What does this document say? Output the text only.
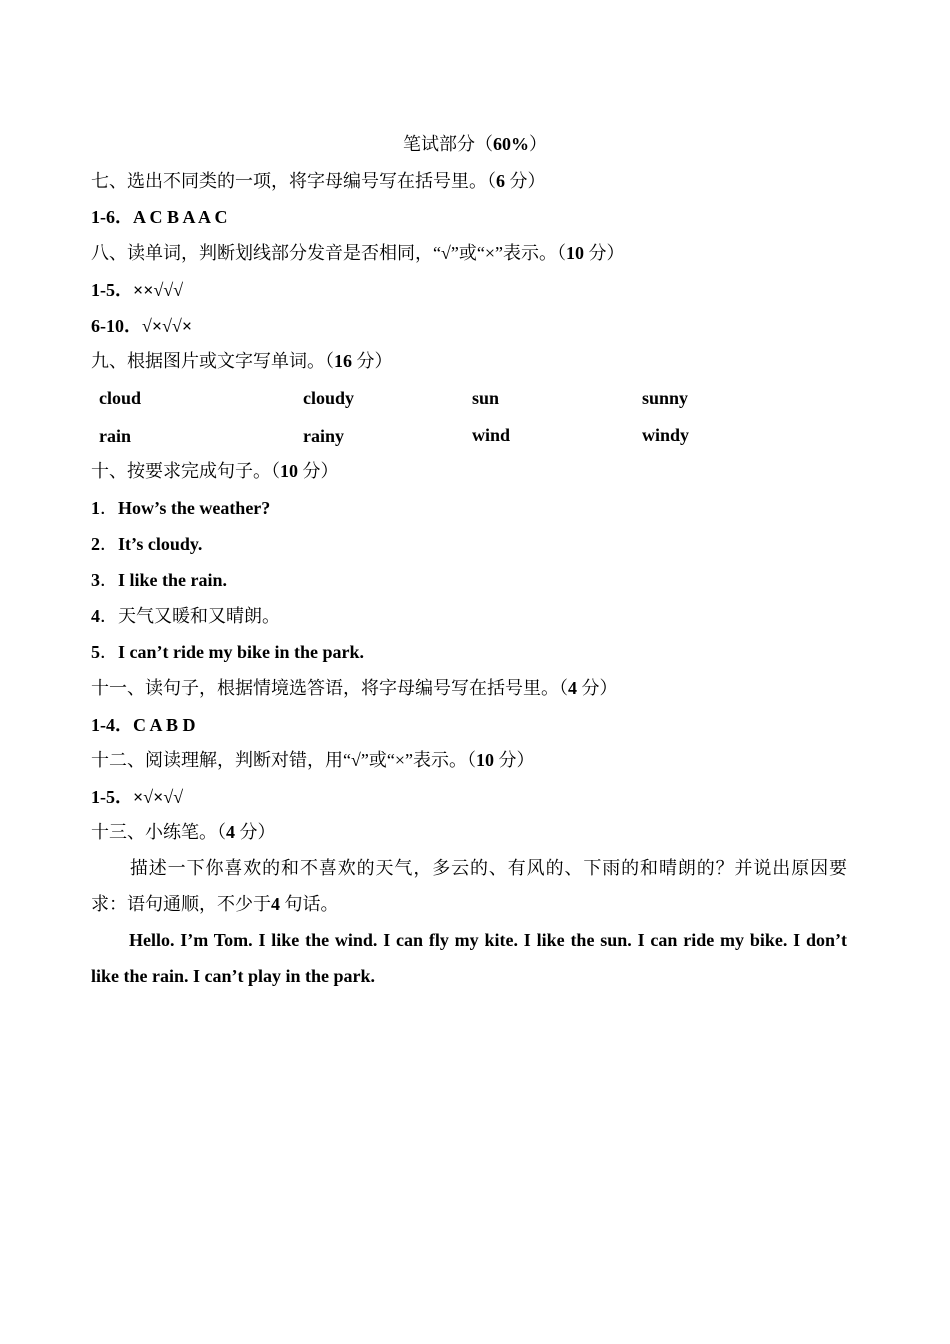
笔试部分（60%）
七、选出不同类的一项，将字母编号写在括号里。（6 分）
1-6．A C B A A C
八、读单词，判断划线部分发音是否相同，“√”或“×”表示。（10 分）
1-5．××√√√
6-10．√×√√×
九、根据图片或文字写单词。（16 分）
cloud	cloudy	sun	sunny
rain	rainy	wind	windy
十、按要求完成句子。（10 分）
1．How’s the weather?
2．It’s cloudy.
3．I like the rain.
4．天气又暖和又晴朗。
5．I can’t ride my bike in the park.
十一、读句子，根据情境选答语，将字母编号写在括号里。（4 分）
1-4．C A B D
十二、阅读理解，判断对错，用“√”或“×”表示。（10 分）
1-5．×√×√√
十三、小练笔。（4 分）
描述一下你喜欢的和不喜欢的天气，多云的、有风的、下雨的和晴朗的？并说出原因要求：语句通顺，不少于4 句话。
Hello. I’m Tom. I like the wind. I can fly my kite. I like the sun. I can ride my bike. I don’t like the rain. I can’t play in the park.
